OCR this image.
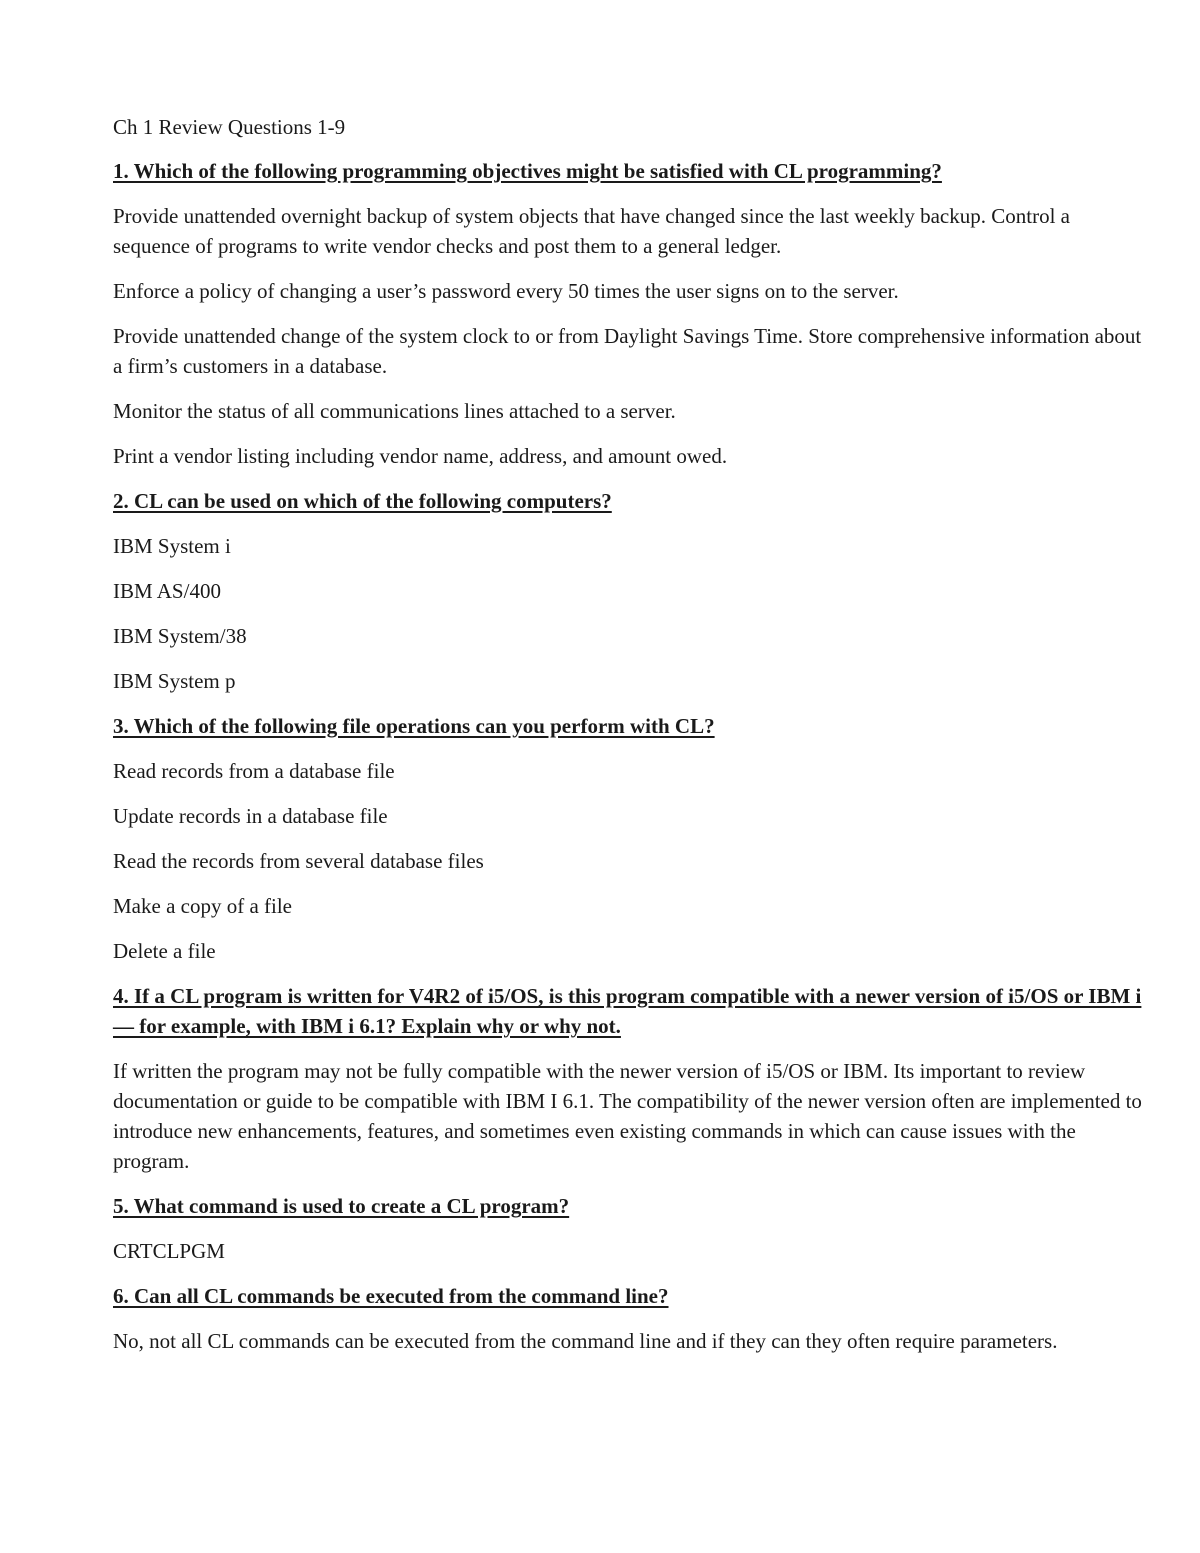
Ch 1 Review Questions 1-9

1. Which of the following programming objectives might be satisfied with CL programming?

Provide unattended overnight backup of system objects that have changed since the last weekly backup. Control a sequence of programs to write vendor checks and post them to a general ledger.

Enforce a policy of changing a user’s password every 50 times the user signs on to the server.

Provide unattended change of the system clock to or from Daylight Savings Time. Store comprehensive information about a firm’s customers in a database.

Monitor the status of all communications lines attached to a server.

Print a vendor listing including vendor name, address, and amount owed.

2. CL can be used on which of the following computers?

IBM System i

IBM AS/400

IBM System/38

IBM System p

3. Which of the following file operations can you perform with CL?

Read records from a database file

Update records in a database file

Read the records from several database files

Make a copy of a file

Delete a file

4. If a CL program is written for V4R2 of i5/OS, is this program compatible with a newer version of i5/OS or IBM i — for example, with IBM i 6.1? Explain why or why not.

If written the program may not be fully compatible with the newer version of i5/OS or IBM. Its important to review documentation or guide to be compatible with IBM I 6.1. The compatibility of the newer version often are implemented to introduce new enhancements, features, and sometimes even existing commands in which can cause issues with the program.

5. What command is used to create a CL program?

CRTCLPGM

6. Can all CL commands be executed from the command line?

No, not all CL commands can be executed from the command line and if they can they often require parameters.
